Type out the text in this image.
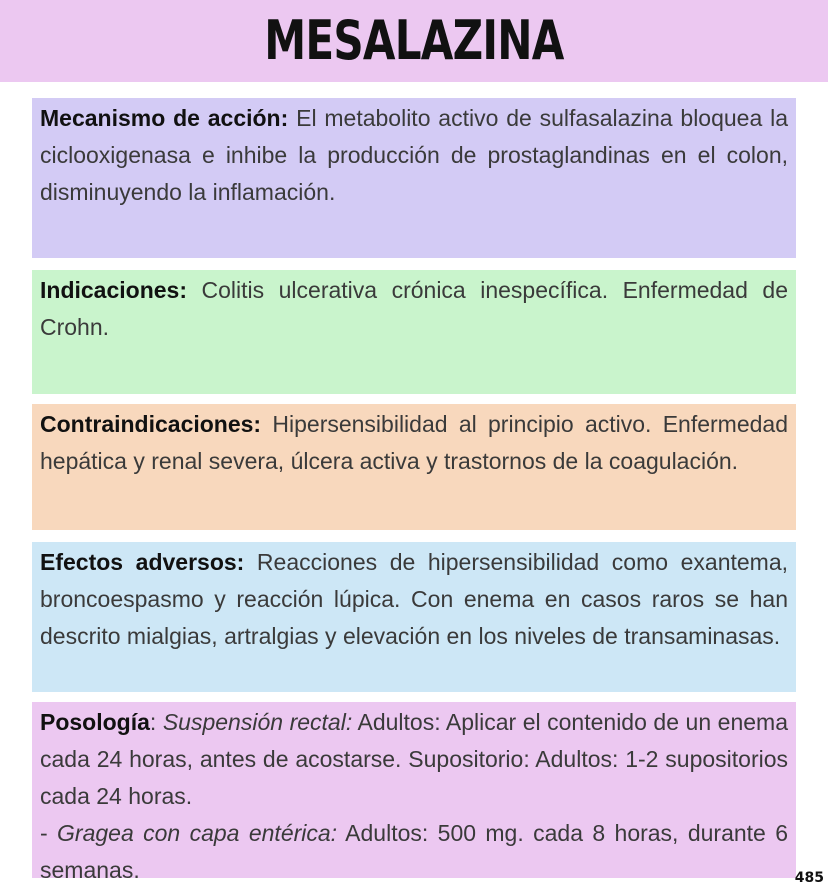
MESALAZINA

Mecanismo de acción: El metabolito activo de sulfasalazina bloquea la ciclooxigenasa e inhibe la producción de prostaglandinas en el colon, disminuyendo la inflamación.

Indicaciones: Colitis ulcerativa crónica inespecífica. Enfermedad de Crohn.

Contraindicaciones: Hipersensibilidad al principio activo. Enfermedad hepática y renal severa, úlcera activa y trastornos de la coagulación.

Efectos adversos: Reacciones de hipersensibilidad como exantema, broncoespasmo y reacción lúpica. Con enema en casos raros se han descrito mialgias, artralgias y elevación en los niveles de transaminasas.

Posología: Suspensión rectal: Adultos: Aplicar el contenido de un enema cada 24 horas, antes de acostarse. Supositorio: Adultos: 1-2 supositorios cada 24 horas.

- Gragea con capa entérica: Adultos: 500 mg. cada 8 horas, durante 6 semanas.	485
